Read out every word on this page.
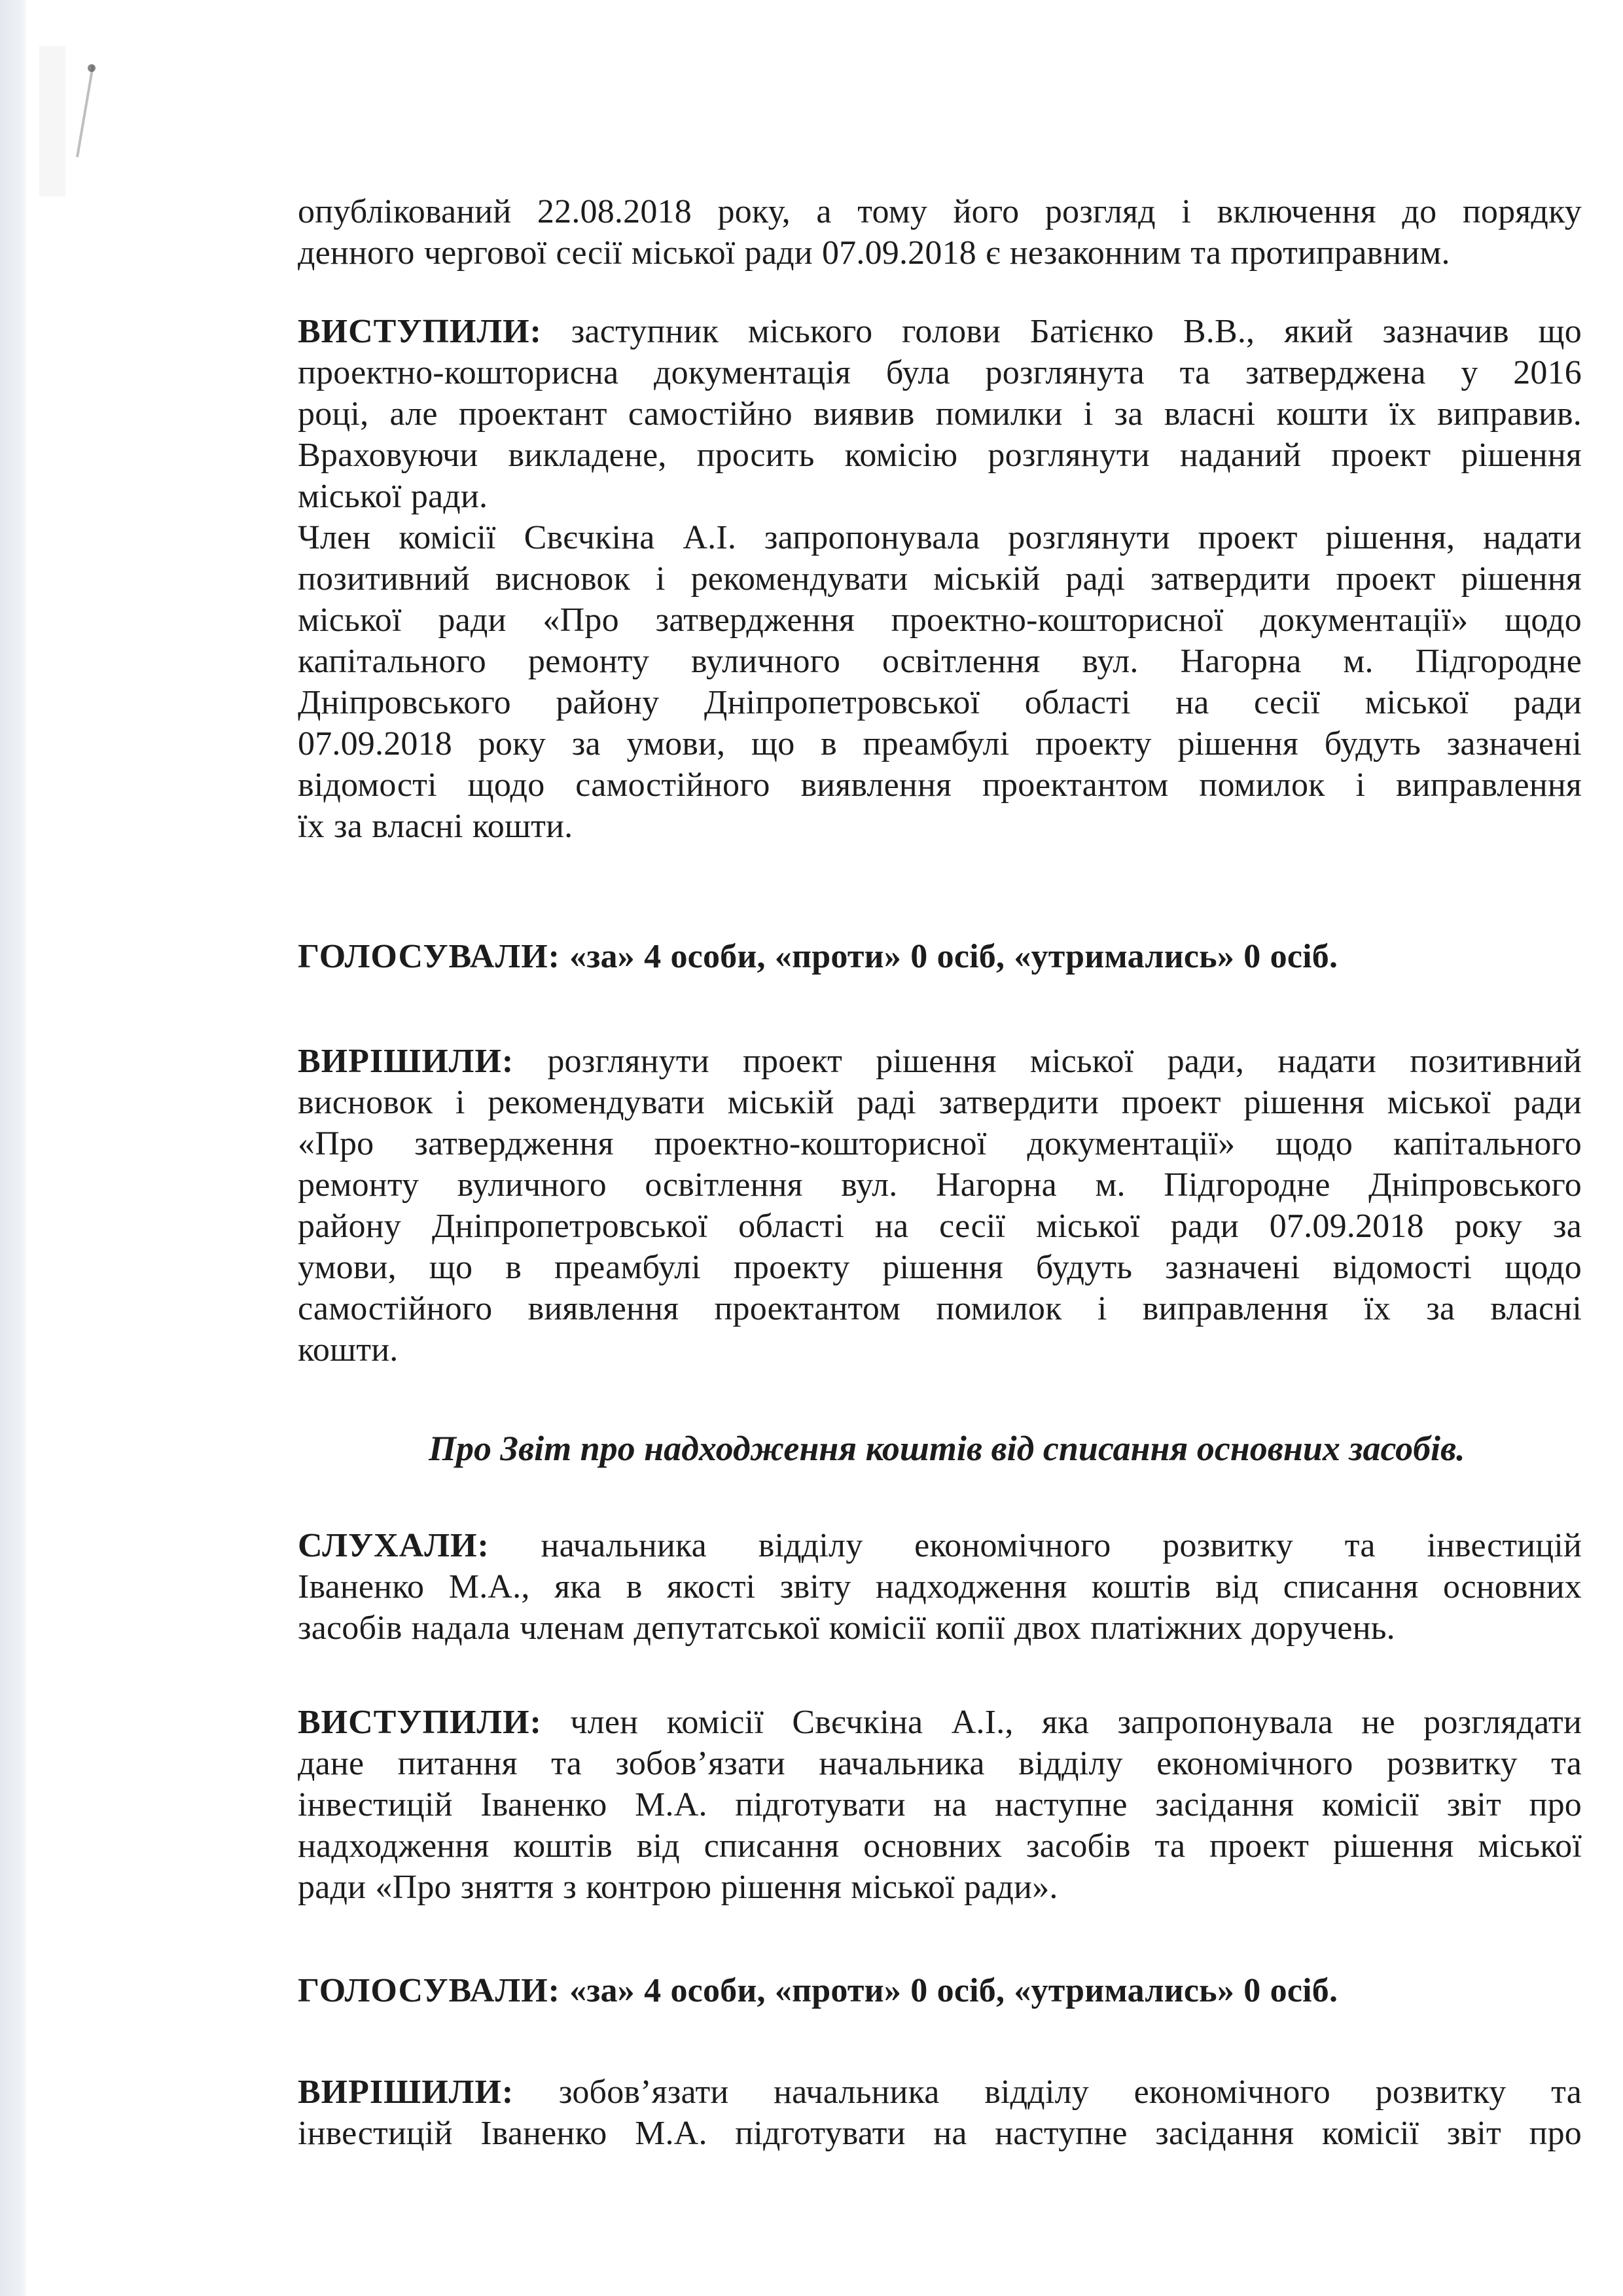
опублікований 22.08.2018 року, а тому його розгляд і включення до порядку
денного чергової сесії міської ради 07.09.2018 є незаконним та протиправним.
ВИСТУПИЛИ: заступник міського голови Батієнко В.В., який зазначив що
проектно-кошторисна документація була розглянута та затверджена у 2016
році, але проектант самостійно виявив помилки і за власні кошти їх виправив.
Враховуючи викладене, просить комісію розглянути наданий проект рішення
міської ради.
Член комісії Свєчкіна А.І. запропонувала розглянути проект рішення, надати
позитивний висновок і рекомендувати міській раді затвердити проект рішення
міської ради «Про затвердження проектно-кошторисної документації» щодо
капітального ремонту вуличного освітлення вул. Нагорна м. Підгородне
Дніпровського району Дніпропетровської області на сесії міської ради
07.09.2018 року за умови, що в преамбулі проекту рішення будуть зазначені
відомості щодо самостійного виявлення проектантом помилок і виправлення
їх за власні кошти.
ГОЛОСУВАЛИ: «за» 4 особи, «проти» 0 осіб, «утримались» 0 осіб.
ВИРІШИЛИ: розглянути проект рішення міської ради, надати позитивний
висновок і рекомендувати міській раді затвердити проект рішення міської ради
«Про затвердження проектно-кошторисної документації» щодо капітального
ремонту вуличного освітлення вул. Нагорна м. Підгородне Дніпровського
району Дніпропетровської області на сесії міської ради 07.09.2018 року за
умови, що в преамбулі проекту рішення будуть зазначені відомості щодо
самостійного виявлення проектантом помилок і виправлення їх за власні
кошти.
Про Звіт про надходження коштів від списання основних засобів.
СЛУХАЛИ: начальника відділу економічного розвитку та інвестицій
Іваненко М.А., яка в якості звіту надходження коштів від списання основних
засобів надала членам депутатської комісії копії двох платіжних доручень.
ВИСТУПИЛИ: член комісії Свєчкіна А.І., яка запропонувала не розглядати
дане питання та зобов’язати начальника відділу економічного розвитку та
інвестицій Іваненко М.А. підготувати на наступне засідання комісії звіт про
надходження коштів від списання основних засобів та проект рішення міської
ради «Про зняття з контрою рішення міської ради».
ГОЛОСУВАЛИ: «за» 4 особи, «проти» 0 осіб, «утримались» 0 осіб.
ВИРІШИЛИ: зобов’язати начальника відділу економічного розвитку та
інвестицій Іваненко М.А. підготувати на наступне засідання комісії звіт про
